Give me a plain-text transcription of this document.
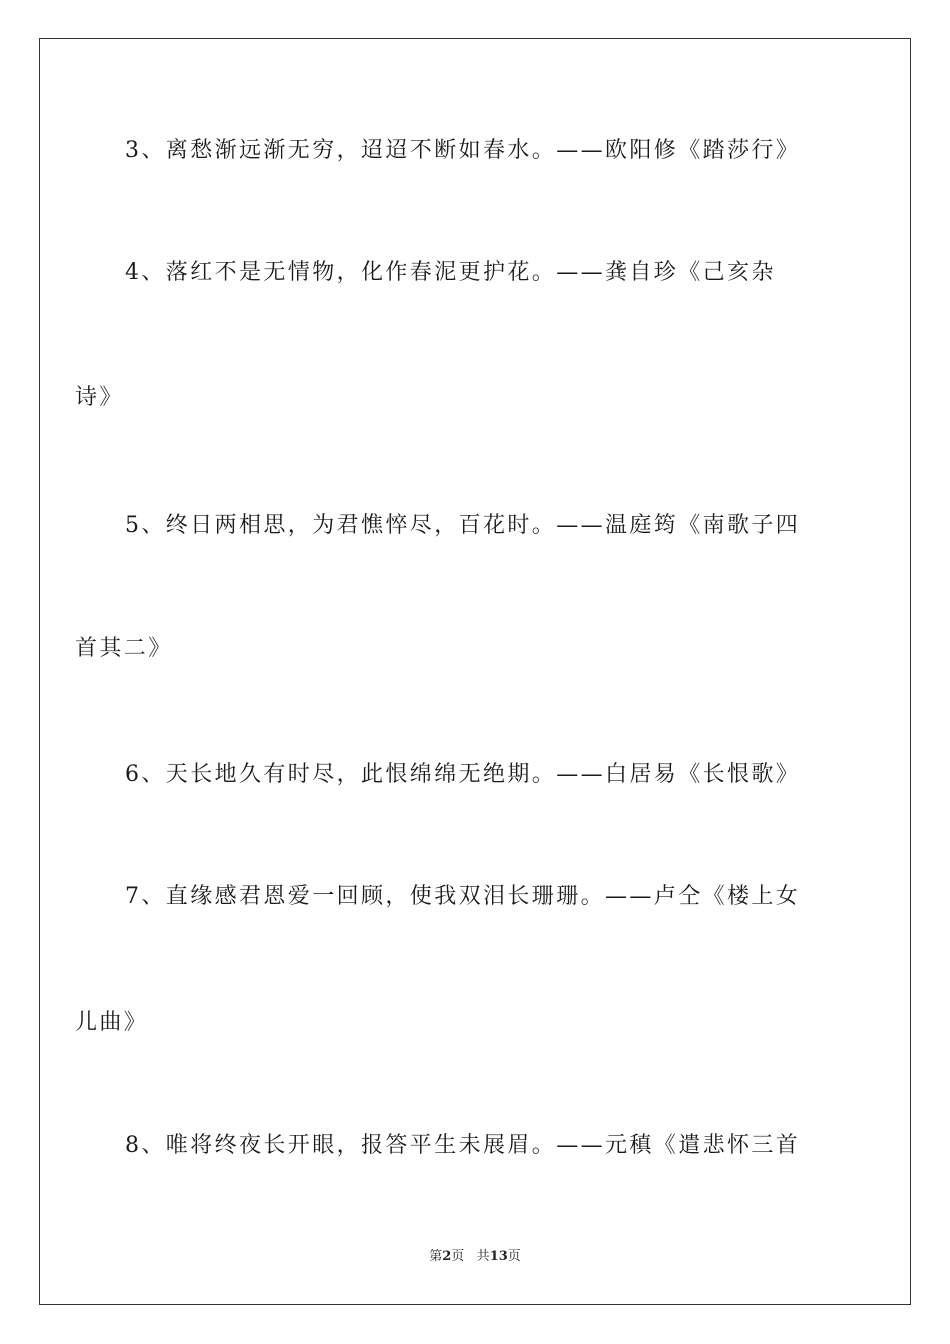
3、离愁渐远渐无穷，迢迢不断如春水。——欧阳修《踏莎行》
4、落红不是无情物，化作春泥更护花。——龚自珍《己亥杂
诗》
5、终日两相思，为君憔悴尽，百花时。——温庭筠《南歌子四
首其二》
6、天长地久有时尽，此恨绵绵无绝期。——白居易《长恨歌》
7、直缘感君恩爱一回顾，使我双泪长珊珊。——卢仝《楼上女
儿曲》
8、唯将终夜长开眼，报答平生未展眉。——元稹《遣悲怀三首
第2页 共13页
